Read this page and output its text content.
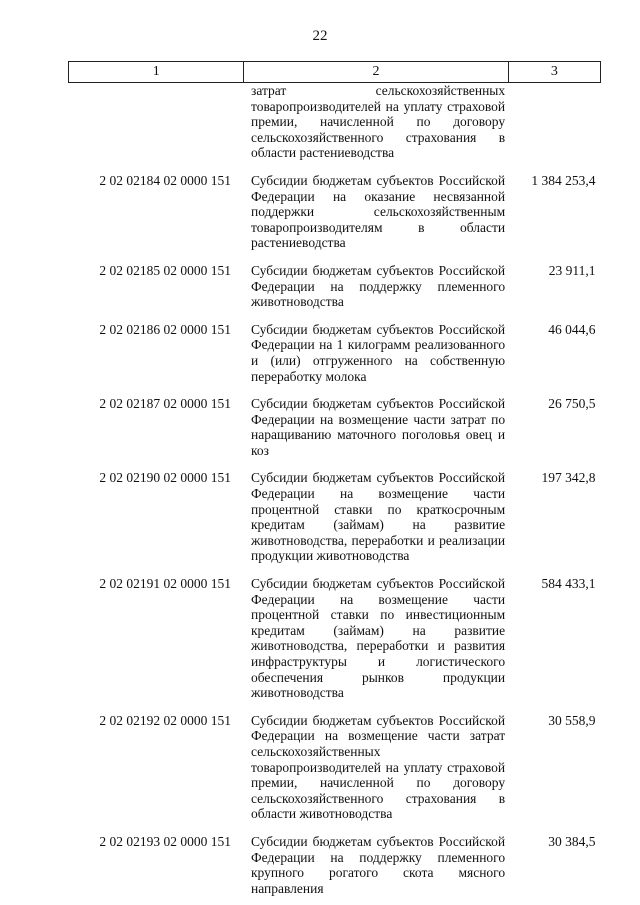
22
1	2	3
	затрат сельскохозяйственных товаропроизводителей на уплату страховой премии, начисленной по договору сельскохозяйственного страхования в области растениеводства	

2 02 02184 02 0000 151	Субсидии бюджетам субъектов Российской Федерации на оказание несвязанной поддержки сельскохозяйственным товаропроизводителям в области растениеводства	1 384 253,4

2 02 02185 02 0000 151	Субсидии бюджетам субъектов Российской Федерации на поддержку племенного животноводства	23 911,1

2 02 02186 02 0000 151	Субсидии бюджетам субъектов Российской Федерации на 1 килограмм реализованного и (или) отгруженного на собственную переработку молока	46 044,6

2 02 02187 02 0000 151	Субсидии бюджетам субъектов Российской Федерации на возмещение части затрат по наращиванию маточного поголовья овец и коз	26 750,5

2 02 02190 02 0000 151	Субсидии бюджетам субъектов Российской Федерации на возмещение части процентной ставки по краткосрочным кредитам (займам) на развитие животноводства, переработки и реализации продукции животноводства	197 342,8

2 02 02191 02 0000 151	Субсидии бюджетам субъектов Российской Федерации на возмещение части процентной ставки по инвестиционным кредитам (займам) на развитие животноводства, переработки и развития инфраструктуры и логистического обеспечения рынков продукции животноводства	584 433,1

2 02 02192 02 0000 151	Субсидии бюджетам субъектов Российской Федерации на возмещение части затрат сельскохозяйственных товаропроизводителей на уплату страховой премии, начисленной по договору сельскохозяйственного страхования в области животноводства	30 558,9

2 02 02193 02 0000 151	Субсидии бюджетам субъектов Российской Федерации на поддержку племенного крупного рогатого скота мясного направления	30 384,5
